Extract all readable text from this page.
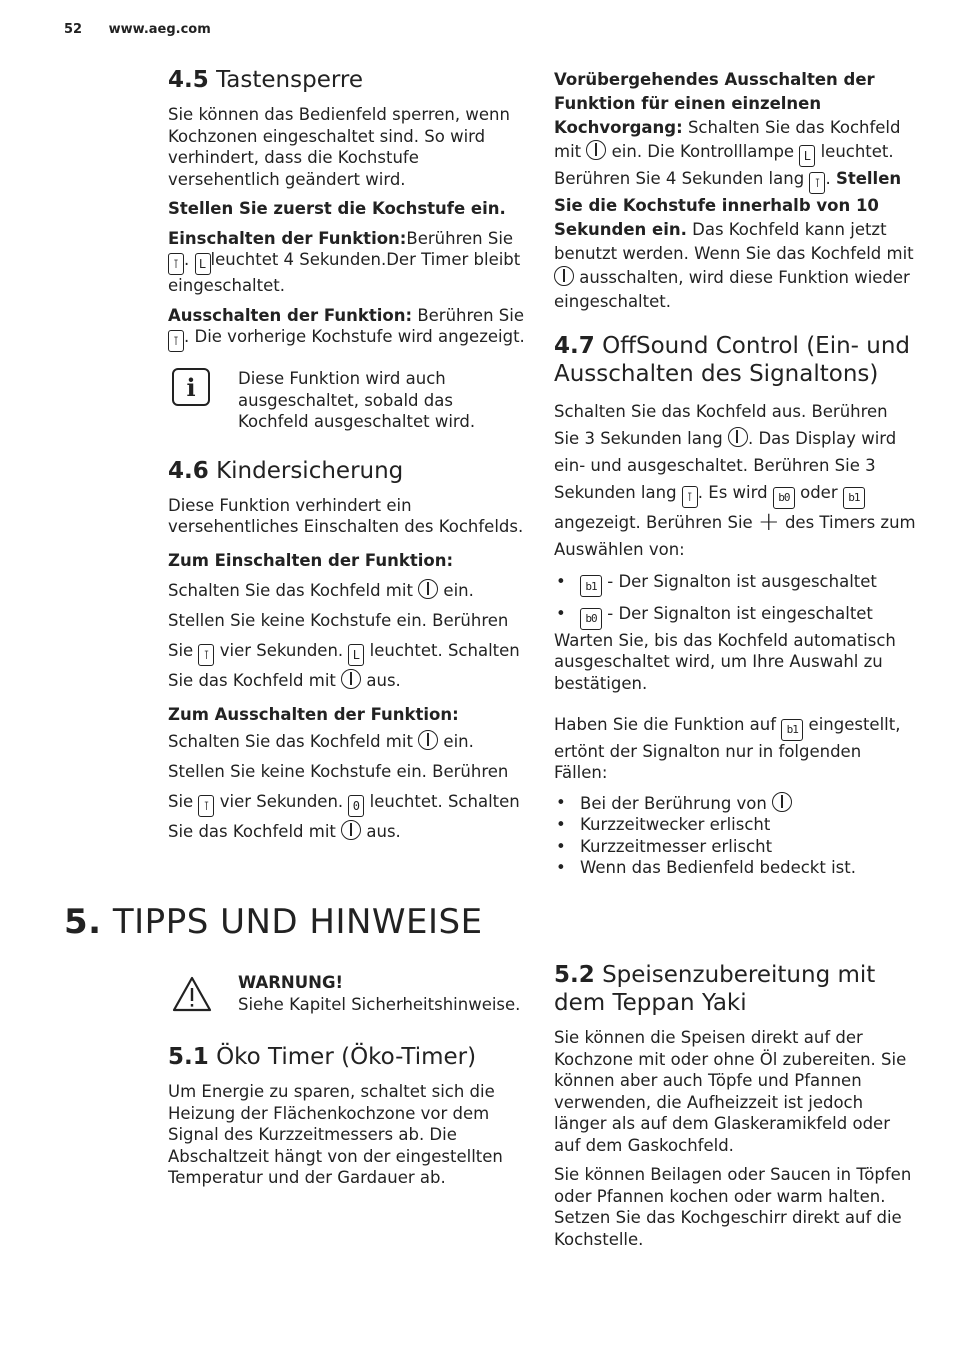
52 www.aeg.com
4.5 Tastensperre

Sie können das Bedienfeld sperren, wenn Kochzonen eingeschaltet sind. So wird verhindert, dass die Kochstufe versehentlich geändert wird.

Stellen Sie zuerst die Kochstufe ein.

Einschalten der Funktion:Berühren Sie ⊺ . L leuchtet 4 Sekunden.Der Timer bleibt eingeschaltet.

Ausschalten der Funktion: Berühren Sie ⊺ . Die vorherige Kochstufe wird angezeigt.

i	Diese Funktion wird auch ausgeschaltet, sobald das Kochfeld ausgeschaltet wird.

4.6 Kindersicherung

Diese Funktion verhindert ein versehentliches Einschalten des Kochfelds.

Zum Einschalten der Funktion: Schalten Sie das Kochfeld mit  ein. Stellen Sie keine Kochstufe ein. Berühren Sie ⊺ vier Sekunden. L leuchtet. Schalten Sie das Kochfeld mit  aus.

Zum Ausschalten der Funktion:

Schalten Sie das Kochfeld mit  ein. Stellen Sie keine Kochstufe ein. Berühren Sie ⊺ vier Sekunden. 0 leuchtet. Schalten Sie das Kochfeld mit  aus.

Vorübergehendes Ausschalten der Funktion für einen einzelnen Kochvorgang: Schalten Sie das Kochfeld mit  ein. Die Kontrolllampe L leuchtet. Berühren Sie 4 Sekunden lang ⊺ . Stellen Sie die Kochstufe innerhalb von 10 Sekunden ein. Das Kochfeld kann jetzt benutzt werden. Wenn Sie das Kochfeld mit  ausschalten, wird diese Funktion wieder eingeschaltet.

4.7 OffSound Control (Ein- und Ausschalten des Signaltons)

Schalten Sie das Kochfeld aus. Berühren Sie 3 Sekunden lang . Das Display wird ein- und ausgeschaltet. Berühren Sie 3 Sekunden lang ⊺ . Es wird b0 oder b1 angezeigt. Berühren Sie + des Timers zum Auswählen von:

• b1 - Der Signalton ist ausgeschaltet
• b0 - Der Signalton ist eingeschaltet

Warten Sie, bis das Kochfeld automatisch ausgeschaltet wird, um Ihre Auswahl zu bestätigen.

Haben Sie die Funktion auf b1 eingestellt, ertönt der Signalton nur in folgenden Fällen:

• Bei der Berührung von
• Kurzzeitwecker erlischt
• Kurzzeitmesser erlischt
• Wenn das Bedienfeld bedeckt ist.
5. TIPPS UND HINWEISE

WARNUNG!

Siehe Kapitel Sicherheitshinweise.

5.1 Öko Timer (Öko-Timer)

Um Energie zu sparen, schaltet sich die Heizung der Flächenkochzone vor dem Signal des Kurzzeitmessers ab. Die Abschaltzeit hängt von der eingestellten Temperatur und der Gardauer ab.

5.2 Speisenzubereitung mit dem Teppan Yaki

Sie können die Speisen direkt auf der Kochzone mit oder ohne Öl zubereiten. Sie können aber auch Töpfe und Pfannen verwenden, die Aufheizzeit ist jedoch länger als auf dem Glaskeramikfeld oder auf dem Gaskochfeld.

Sie können Beilagen oder Saucen in Töpfen oder Pfannen kochen oder warm halten. Setzen Sie das Kochgeschirr direkt auf die Kochstelle.
